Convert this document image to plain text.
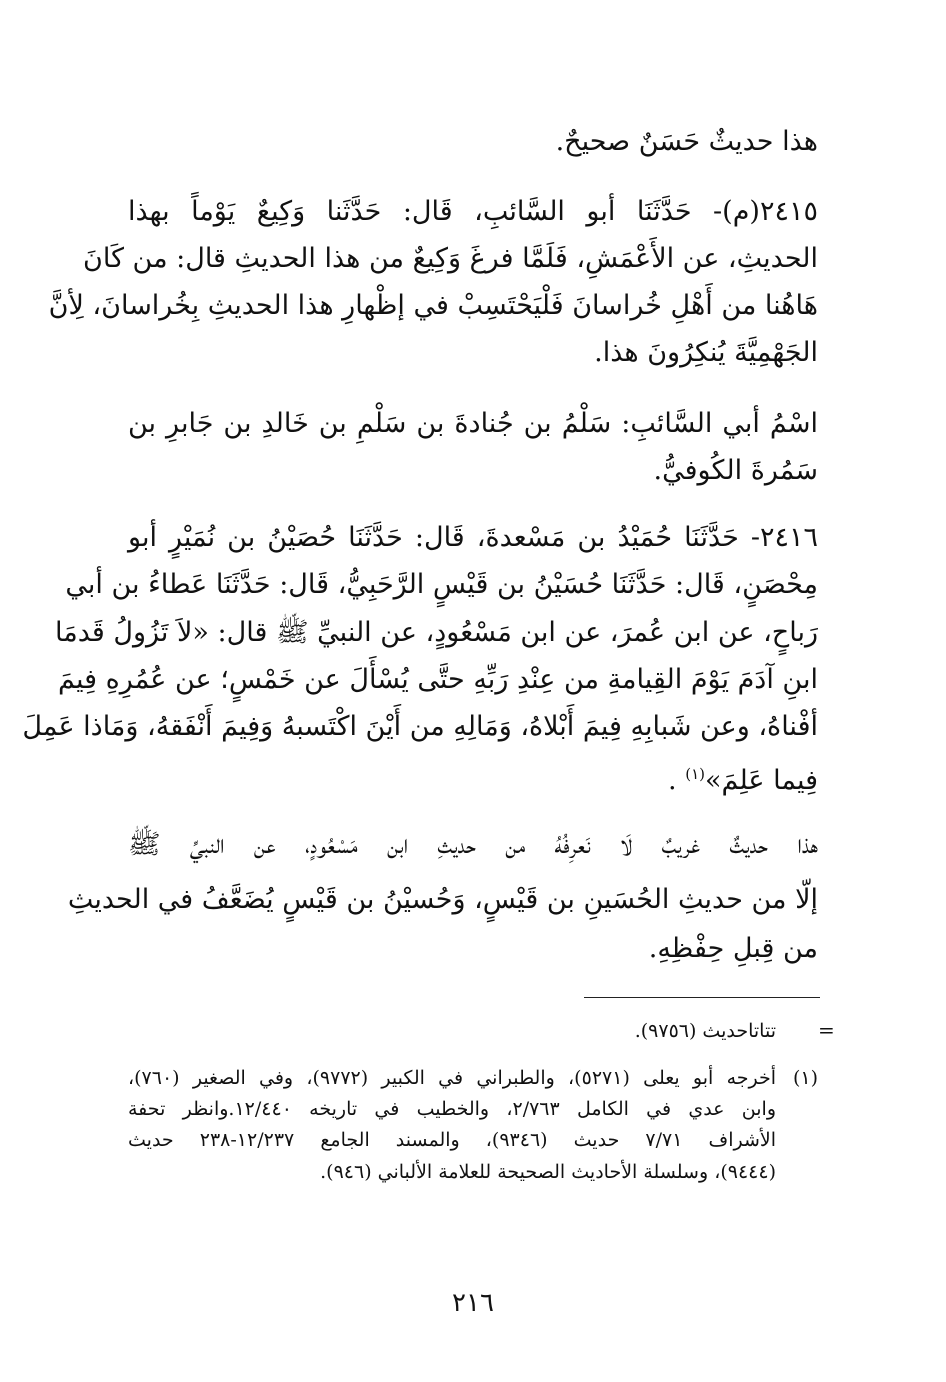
هذا حديثٌ حَسَنٌ صحيحٌ.
٢٤١٥(م)- حَدَّثَنَا أبو السَّائبِ، قَال: حَدَّثَنا وَكِيعٌ يَوْماً بهذا
الحديثِ، عن الأَعْمَشِ، فَلَمَّا فرغَ وَكِيعٌ من هذا الحديثِ قال: من كَانَ
هَاهُنا من أَهْلِ خُراسانَ فَلْيَحْتَسِبْ في إظْهارِ هذا الحديثِ بِخُراسانَ، لِأنَّ
الجَهْمِيَّةَ يُنكِرُونَ هذا.
اسْمُ أبي السَّائبِ: سَلْمُ بن جُنادةَ بن سَلْمِ بن خَالدِ بن جَابرِ بن
سَمُرةَ الكُوفيُّ.
٢٤١٦- حَدَّثَنَا حُمَيْدُ بن مَسْعدةَ، قَال: حَدَّثَنَا حُصَيْنُ بن نُمَيْرٍ أبو
مِحْصَنٍ، قَال: حَدَّثَنَا حُسَيْنُ بن قَيْسٍ الرَّحَبِيُّ، قَال: حَدَّثَنَا عَطاءُ بن أبي
رَباحٍ، عن ابن عُمرَ، عن ابن مَسْعُودٍ، عن النبيِّ ﷺ قال: «لاَ تَزُولُ قَدمَا
ابنِ آدَمَ يَوْمَ القِيامةِ من عِنْدِ رَبِّهِ حتَّى يُسْأَلَ عن خَمْسٍ؛ عن عُمُرِهِ فِيمَ
أفْناهُ، وعن شَبابِهِ فِيمَ أَبْلاهُ، وَمَالِهِ من أَيْنَ اكْتَسبهُ وَفِيمَ أَنْفَقهُ، وَمَاذا عَمِلَ
فِيما عَلِمَ»$^{(١)}$ .
هذا حديثٌ غريبٌ لَا نَعرِفُهُ من حديثِ ابن مَسْعُودٍ، عن النبيِّ ﷺ
إلّا من حديثِ الحُسَينِ بن قَيْسٍ، وَحُسيْنُ بن قَيْسٍ يُضَعَّفُ في الحديثِ
من قِبلِ حِفْظِهِ.
=
تتاتاحديث (٩٧٥٦).
(١)
أخرجه أبو يعلى (٥٢٧١)، والطبراني في الكبير (٩٧٧٢)، وفي الصغير (٧٦٠)،
وابن عدي في الكامل ٢/٧٦٣، والخطيب في تاريخه ١٢/٤٤٠.وانظر تحفة
الأشراف ٧/٧١ حديث (٩٣٤٦)، والمسند الجامع ١٢/٢٣٧-٢٣٨ حديث
(٩٤٤٤)، وسلسلة الأحاديث الصحيحة للعلامة الألباني (٩٤٦).
٢١٦
